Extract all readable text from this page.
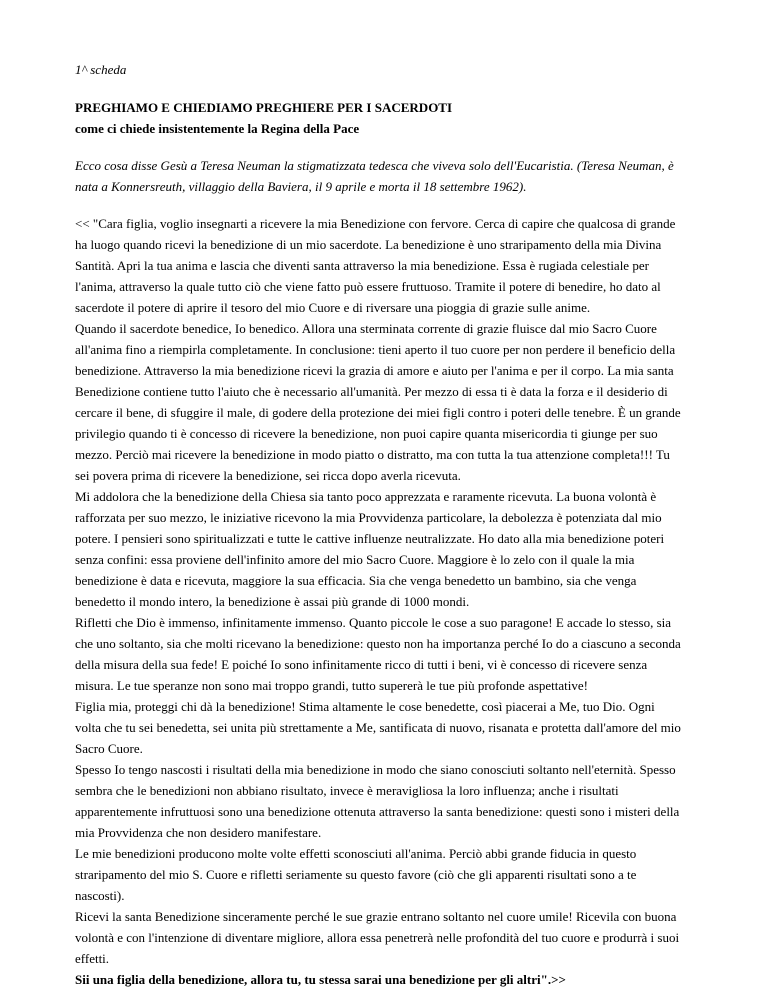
1^ scheda

PREGHIAMO E CHIEDIAMO PREGHIERE PER I SACERDOTI

come ci chiede insistentemente la Regina della Pace

Ecco cosa disse Gesù a Teresa Neuman la stigmatizzata tedesca che viveva solo dell'Eucaristia. (Teresa Neuman, è nata a Konnersreuth, villaggio della Baviera, il 9 aprile e morta il 18 settembre 1962).

<< "Cara figlia, voglio insegnarti a ricevere la mia Benedizione con fervore. Cerca di capire che qualcosa di grande ha luogo quando ricevi la benedizione di un mio sacerdote. La benedizione è uno straripamento della mia Divina Santità. Apri la tua anima e lascia che diventi santa attraverso la mia benedizione. Essa è rugiada celestiale per l'anima, attraverso la quale tutto ciò che viene fatto può essere fruttuoso. Tramite il potere di benedire, ho dato al sacerdote il potere di aprire il tesoro del mio Cuore e di riversare una pioggia di grazie sulle anime.

Quando il sacerdote benedice, Io benedico. Allora una sterminata corrente di grazie fluisce dal mio Sacro Cuore all'anima fino a riempirla completamente. In conclusione: tieni aperto il tuo cuore per non perdere il beneficio della benedizione. Attraverso la mia benedizione ricevi la grazia di amore e aiuto per l'anima e per il corpo. La mia santa Benedizione contiene tutto l'aiuto che è necessario all'umanità. Per mezzo di essa ti è data la forza e il desiderio di cercare il bene, di sfuggire il male, di godere della protezione dei miei figli contro i poteri delle tenebre. È un grande privilegio quando ti è concesso di ricevere la benedizione, non puoi capire quanta misericordia ti giunge per suo mezzo. Perciò mai ricevere la benedizione in modo piatto o distratto, ma con tutta la tua attenzione completa!!! Tu sei povera prima di ricevere la benedizione, sei ricca dopo averla ricevuta.

Mi addolora che la benedizione della Chiesa sia tanto poco apprezzata e raramente ricevuta. La buona volontà è rafforzata per suo mezzo, le iniziative ricevono la mia Provvidenza particolare, la debolezza è potenziata dal mio potere. I pensieri sono spiritualizzati e tutte le cattive influenze neutralizzate. Ho dato alla mia benedizione poteri senza confini: essa proviene dell'infinito amore del mio Sacro Cuore. Maggiore è lo zelo con il quale la mia benedizione è data e ricevuta, maggiore la sua efficacia. Sia che venga benedetto un bambino, sia che venga benedetto il mondo intero, la benedizione è assai più grande di 1000 mondi.

Rifletti che Dio è immenso, infinitamente immenso. Quanto piccole le cose a suo paragone! E accade lo stesso, sia che uno soltanto, sia che molti ricevano la benedizione: questo non ha importanza perché Io do a ciascuno a seconda della misura della sua fede! E poiché Io sono infinitamente ricco di tutti i beni, vi è concesso di ricevere senza misura. Le tue speranze non sono mai troppo grandi, tutto supererà le tue più profonde aspettative!

Figlia mia, proteggi chi dà la benedizione! Stima altamente le cose benedette, così piacerai a Me, tuo Dio. Ogni volta che tu sei benedetta, sei unita più strettamente a Me, santificata di nuovo, risanata e protetta dall'amore del mio Sacro Cuore.

Spesso Io tengo nascosti i risultati della mia benedizione in modo che siano conosciuti soltanto nell'eternità. Spesso sembra che le benedizioni non abbiano risultato, invece è meravigliosa la loro influenza; anche i risultati apparentemente infruttuosi sono una benedizione ottenuta attraverso la santa benedizione: questi sono i misteri della mia Provvidenza che non desidero manifestare.

Le mie benedizioni producono molte volte effetti sconosciuti all'anima. Perciò abbi grande fiducia in questo straripamento del mio S. Cuore e rifletti seriamente su questo favore (ciò che gli apparenti risultati sono a te nascosti).

Ricevi la santa Benedizione sinceramente perché le sue grazie entrano soltanto nel cuore umile! Ricevila con buona volontà e con l'intenzione di diventare migliore, allora essa penetrerà nelle profondità del tuo cuore e produrrà i suoi effetti.

Sii una figlia della benedizione, allora tu, tu stessa sarai una benedizione per gli altri".>>
